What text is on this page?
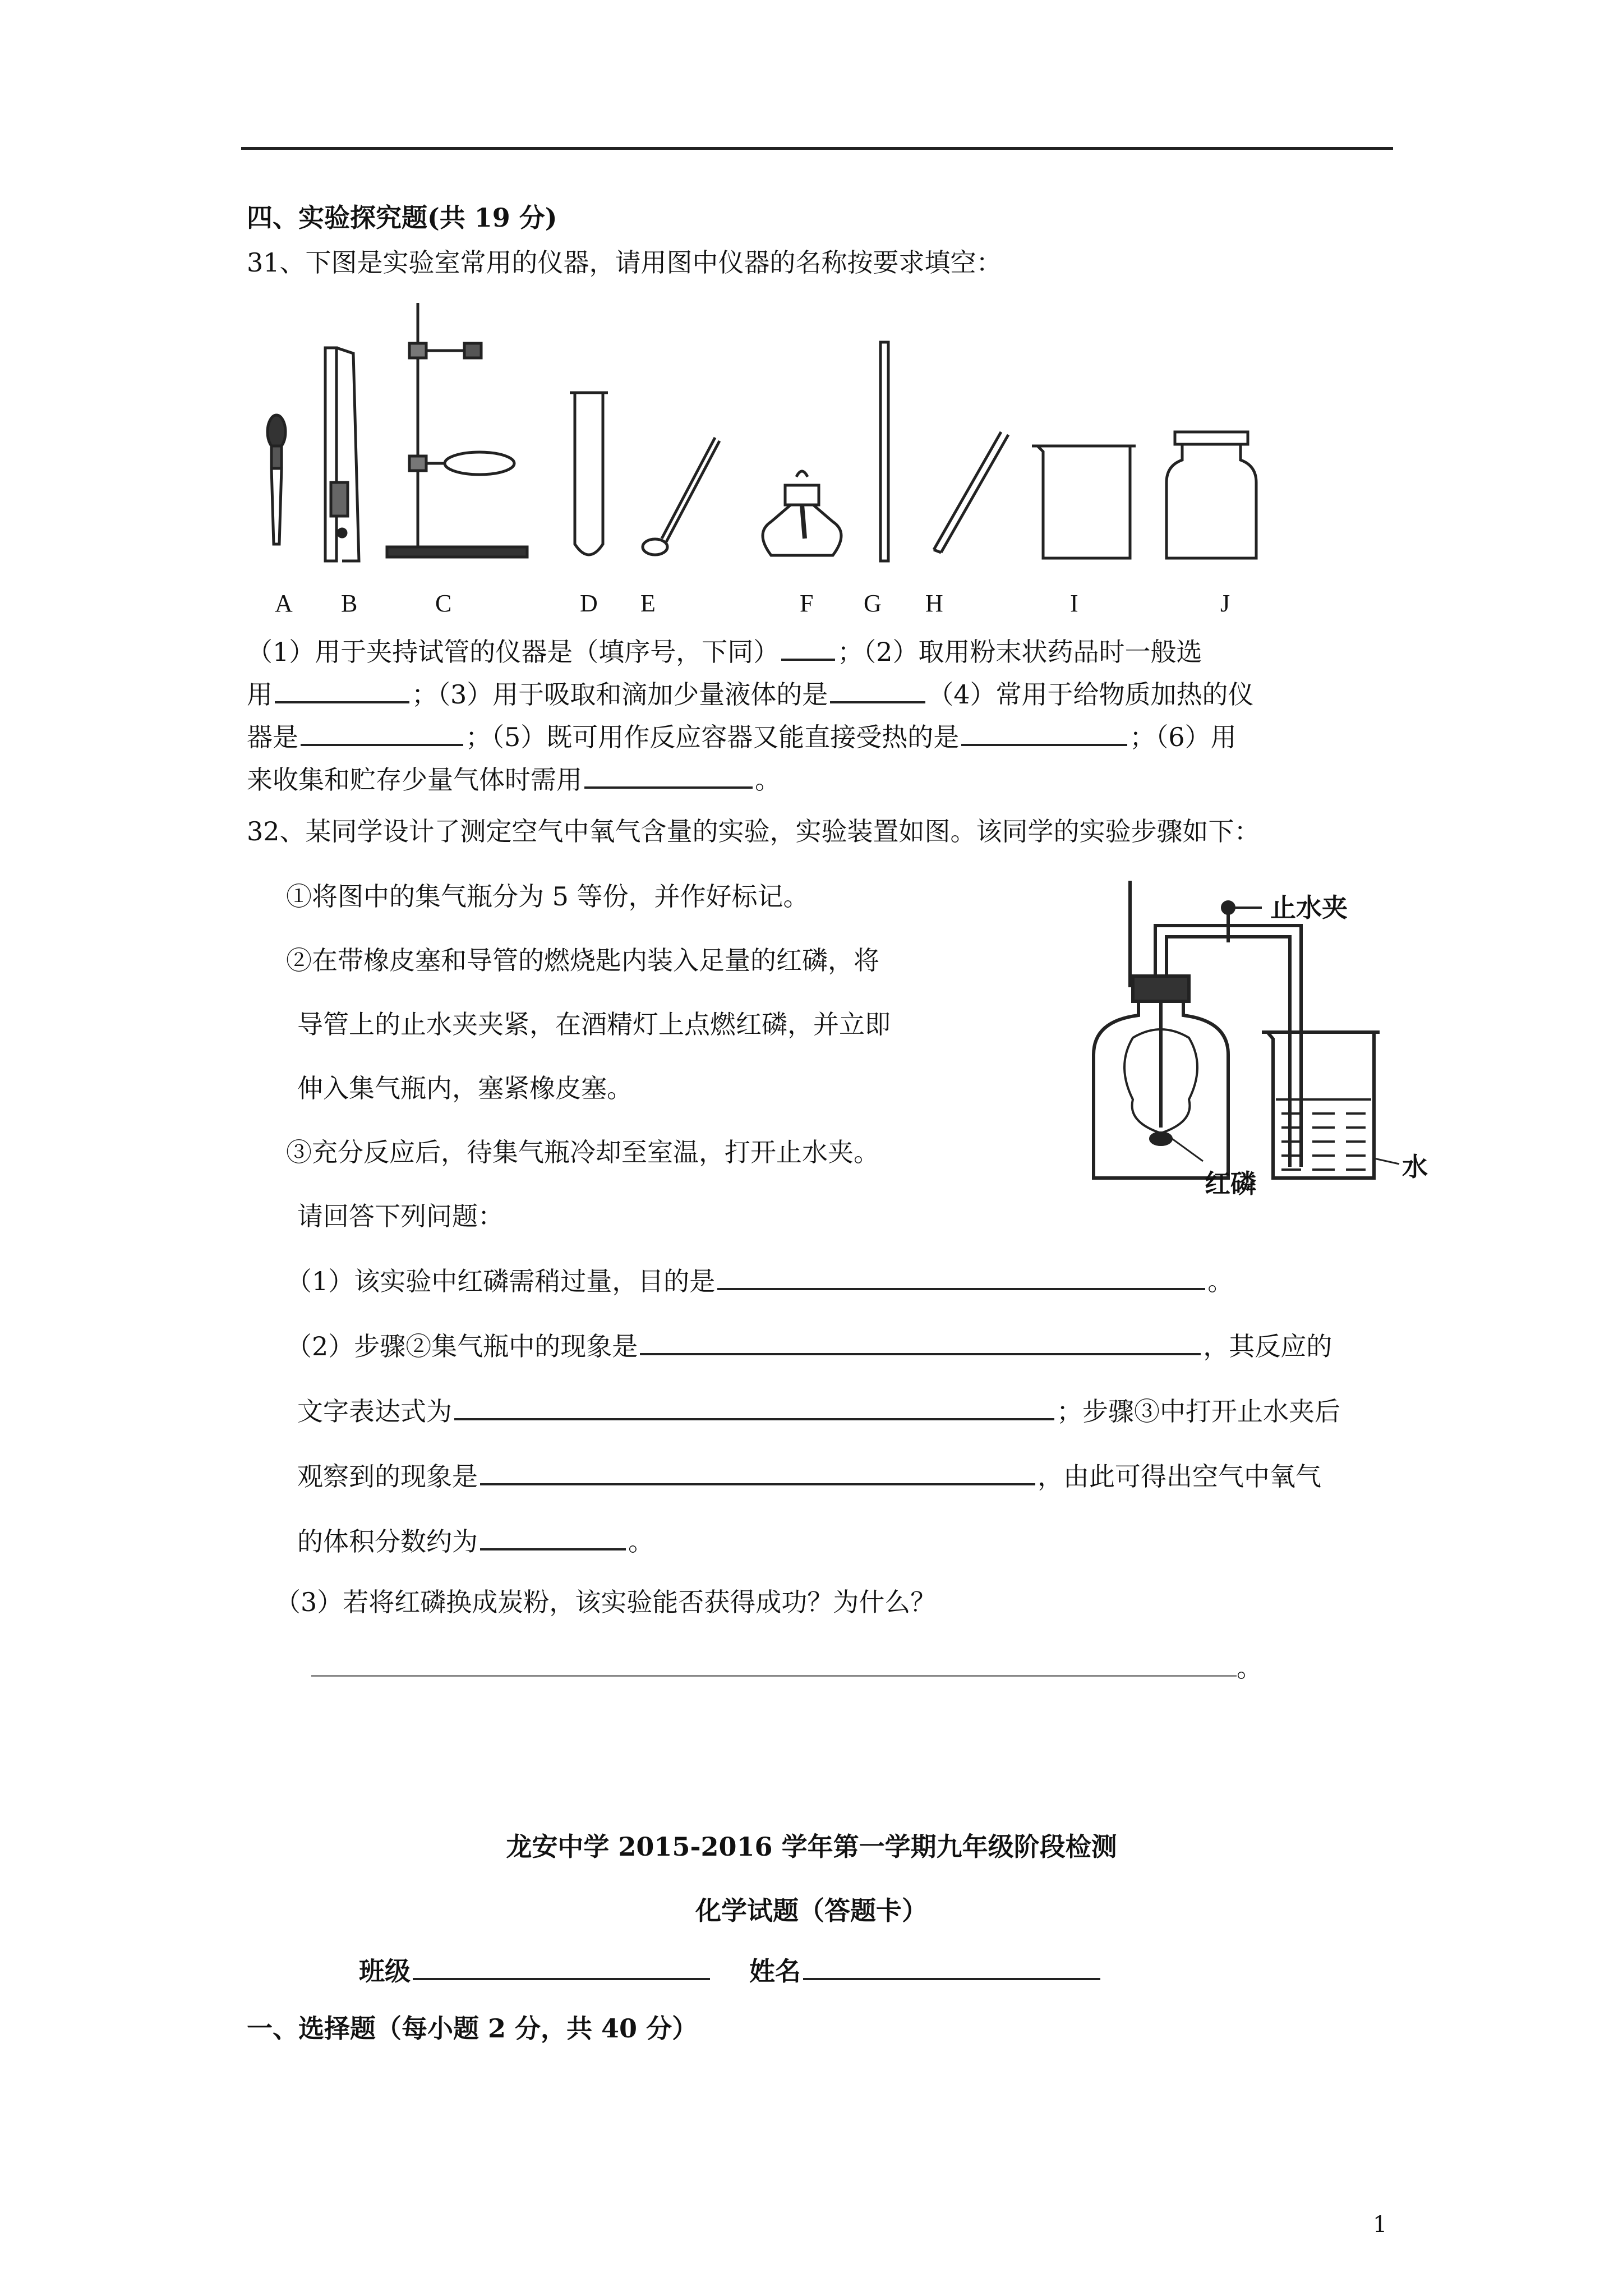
四、实验探究题(共 19 分)
31、下图是实验室常用的仪器，请用图中仪器的名称按要求填空：
A B	C	D E	F G H	I	J
（1）用于夹持试管的仪器是（填序号，下同） ；（2）取用粉末状药品时一般选
用	；（3）用于吸取和滴加少量液体的是	（4）常用于给物质加热的仪
器是	；（5）既可用作反应容器又能直接受热的是	；（6）用
来收集和贮存少量气体时需用	。
32、某同学设计了测定空气中氧气含量的实验，实验装置如图。该同学的实验步骤如下：
①将图中的集气瓶分为 5 等份，并作好标记。
②在带橡皮塞和导管的燃烧匙内装入足量的红磷，将
导管上的止水夹夹紧，在酒精灯上点燃红磷，并立即
伸入集气瓶内，塞紧橡皮塞。
③充分反应后，待集气瓶冷却至室温，打开止水夹。
请回答下列问题：
止水夹
红磷
水
（1）该实验中红磷需稍过量，目的是	。
（2）步骤②集气瓶中的现象是	，其反应的
文字表达式为	；步骤③中打开止水夹后
观察到的现象是	，由此可得出空气中氧气
的体积分数约为	。
（3）若将红磷换成炭粉，该实验能否获得成功？为什么？
。
龙安中学 2015-2016 学年第一学期九年级阶段检测
化学试题（答题卡）
班级	姓名
一、选择题（每小题 2 分，共 40 分）
1
